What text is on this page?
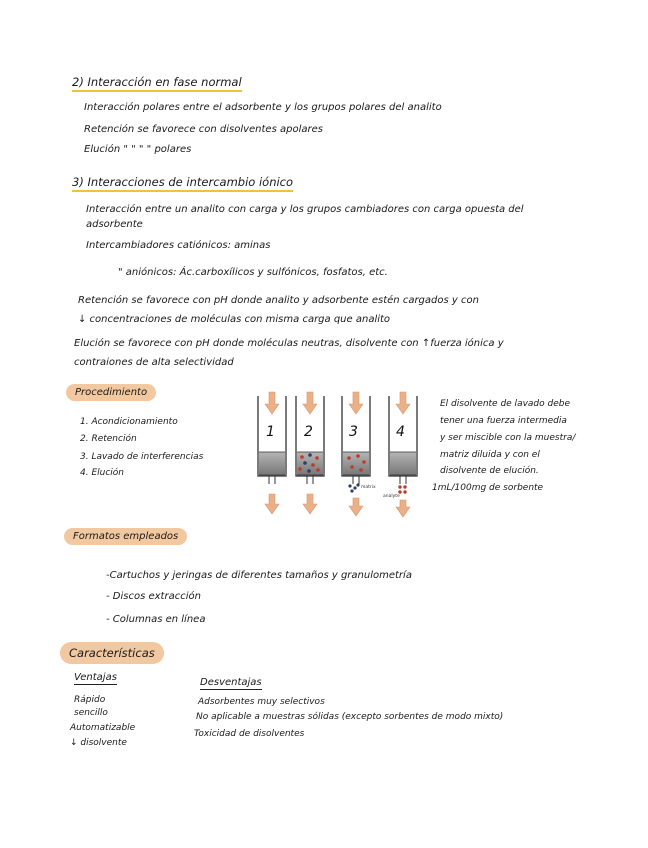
2) Interacción en fase normal
Interacción polares entre el adsorbente y los grupos polares del analito
Retención se favorece con disolventes apolares
Elución " " " " polares
3) Interacciones de intercambio iónico
Interacción entre un analito con carga y los grupos cambiadores con carga opuesta del
adsorbente
Intercambiadores catiónicos: aminas
" aniónicos: Ác.carboxílicos y sulfónicos, fosfatos, etc.
Retención se favorece con pH donde analito y adsorbente estén cargados y con
↓ concentraciones de moléculas con misma carga que analito
Elución se favorece con pH donde moléculas neutras, disolvente con ↑fuerza iónica y
contraiones de alta selectividad
Procedimiento
1. Acondicionamiento
2. Retención
3. Lavado de interferencias
4. Elución
1 2	3
matrix
4
analyte
El disolvente de lavado debe
tener una fuerza intermedia
y ser miscible con la muestra/
matriz diluida y con el
disolvente de elución.
1mL/100mg de sorbente
Formatos empleados
-Cartuchos y jeringas de diferentes tamaños y granulometría
- Discos extracción
- Columnas en línea
Características
Ventajas
Rápido
sencillo
Automatizable
↓ disolvente
Desventajas
Adsorbentes muy selectivos
No aplicable a muestras sólidas (excepto sorbentes de modo mixto)
Toxicidad de disolventes
